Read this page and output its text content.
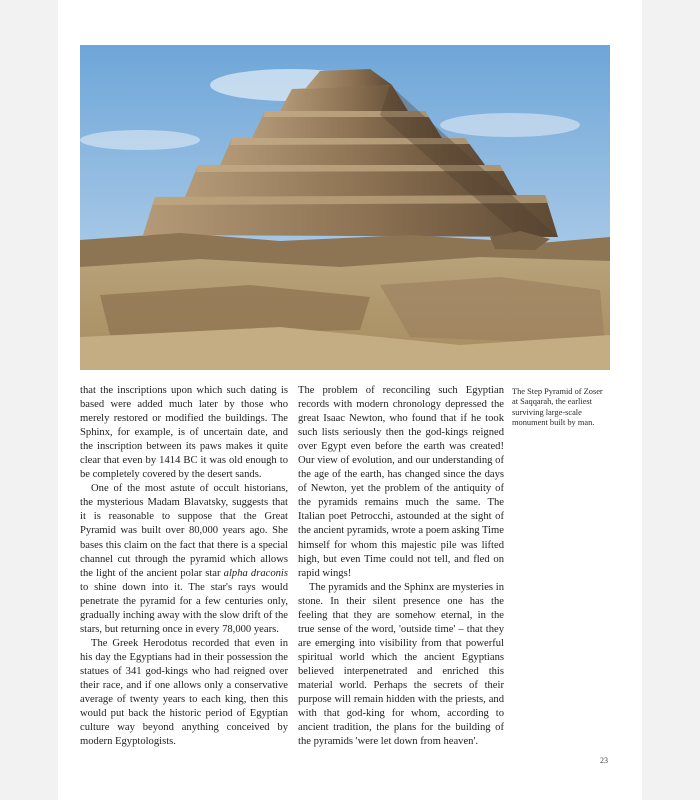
that the inscriptions upon which such dating is based were added much later by those who merely restored or modified the buildings. The Sphinx, for example, is of uncertain date, and the inscription between its paws makes it quite clear that even by 1414 BC it was old enough to be completely covered by the desert sands.

One of the most astute of occult historians, the mysterious Madam Blavatsky, suggests that it is reasonable to suppose that the Great Pyramid was built over 80,000 years ago. She bases this claim on the fact that there is a special channel cut through the pyramid which allows the light of the ancient polar star alpha draconis to shine down into it. The star's rays would penetrate the pyramid for a few centuries only, gradually inching away with the slow drift of the stars, but returning once in every 78,000 years.

The Greek Herodotus recorded that even in his day the Egyptians had in their possession the statues of 341 god-kings who had reigned over their race, and if one allows only a conservative average of twenty years to each king, then this would put back the historic period of Egyptian culture way beyond anything conceived by modern Egyptologists.

The problem of reconciling such Egyptian records with modern chronology depressed the great Isaac Newton, who found that if he took such lists seriously then the god-kings reigned over Egypt even before the earth was created! Our view of evolution, and our understanding of the age of the earth, has changed since the days of Newton, yet the problem of the antiquity of the pyramids remains much the same. The Italian poet Petrocchi, astounded at the sight of the ancient pyramids, wrote a poem asking Time himself for whom this majestic pile was lifted high, but even Time could not tell, and fled on rapid wings!

The pyramids and the Sphinx are mysteries in stone. In their silent presence one has the feeling that they are somehow eternal, in the true sense of the word, 'outside time' – that they are emerging into visibility from that powerful spiritual world which the ancient Egyptians believed interpenetrated and enriched this material world. Perhaps the secrets of their purpose will remain hidden with the priests, and with that god-king for whom, according to ancient tradition, the plans for the building of the pyramids 'were let down from heaven'.

The Step Pyramid of Zoser at Saqqarah, the earliest surviving large-scale monument built by man.
23
